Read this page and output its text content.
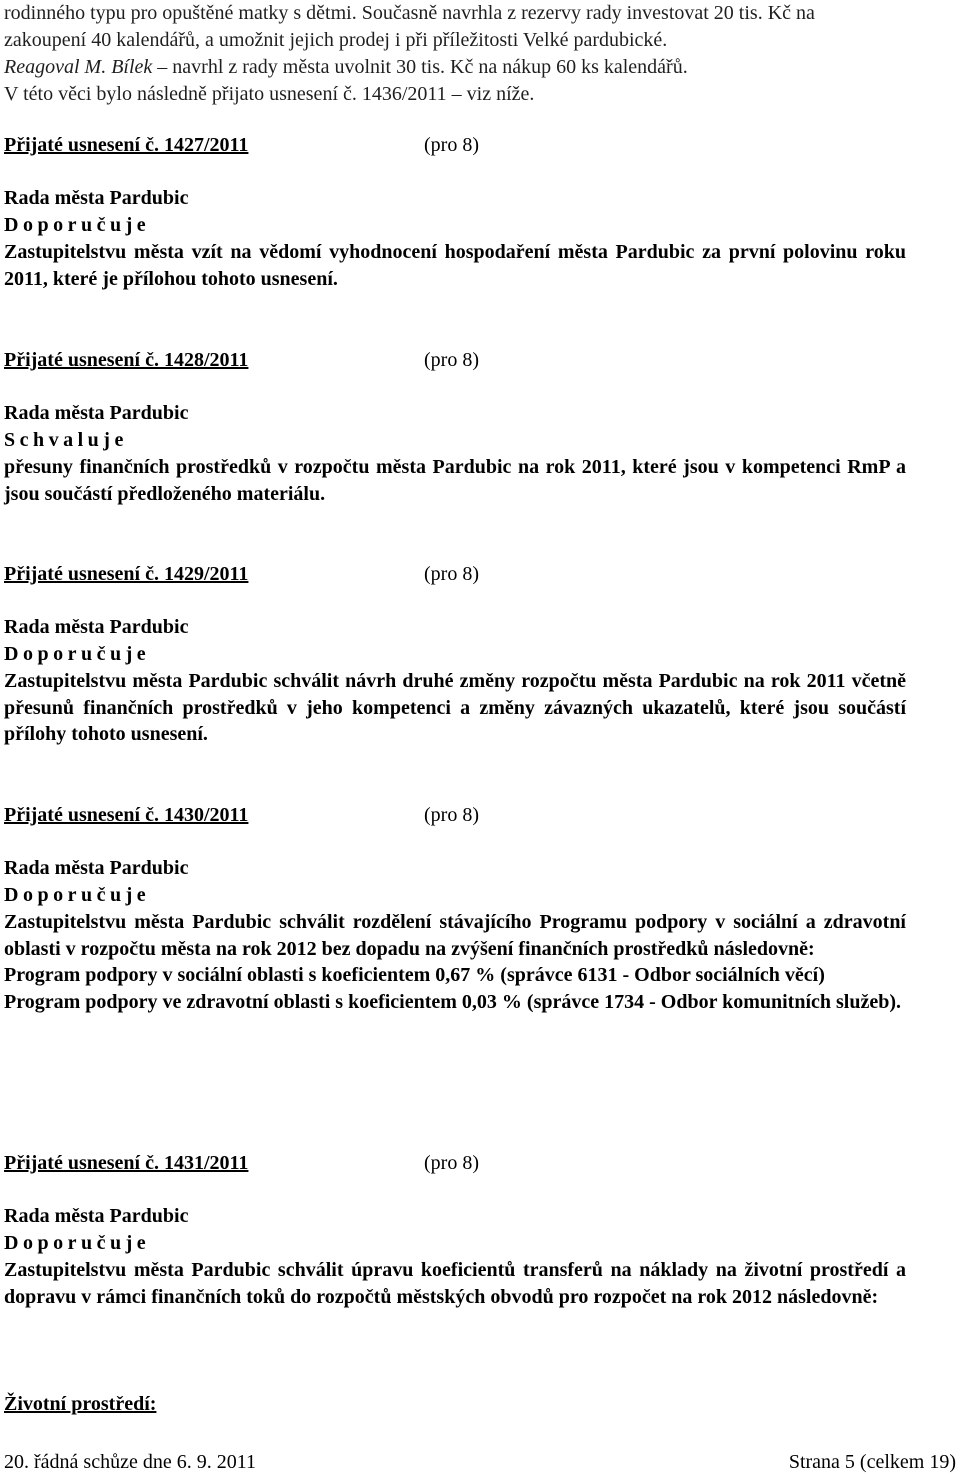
rodinného typu pro opuštěné matky s dětmi. Současně navrhla z rezervy rady investovat 20 tis. Kč na

zakoupení 40 kalendářů, a umožnit jejich prodej i při příležitosti Velké pardubické.

Reagoval M. Bílek – navrhl z rady města uvolnit 30 tis. Kč na nákup 60 ks kalendářů.

V této věci bylo následně přijato usnesení č. 1436/2011 – viz níže.

Přijaté usnesení č. 1427/2011	(pro 8)
Rada města Pardubic
Doporučuje

Zastupitelstvu města vzít na vědomí vyhodnocení hospodaření města Pardubic za první polovinu roku 2011, které je přílohou tohoto usnesení.

Přijaté usnesení č. 1428/2011	(pro 8)
Rada města Pardubic
Schvaluje

přesuny finančních prostředků v rozpočtu města Pardubic na rok 2011, které jsou v kompetenci RmP a jsou součástí předloženého materiálu.

Přijaté usnesení č. 1429/2011	(pro 8)
Rada města Pardubic
Doporučuje

Zastupitelstvu města Pardubic schválit návrh druhé změny rozpočtu města Pardubic na rok 2011 včetně přesunů finančních prostředků v jeho kompetenci a změny závazných ukazatelů, které jsou součástí přílohy tohoto usnesení.

Přijaté usnesení č. 1430/2011	(pro 8)
Rada města Pardubic
Doporučuje

Zastupitelstvu města Pardubic schválit rozdělení stávajícího Programu podpory v sociální a zdravotní oblasti v rozpočtu města na rok 2012 bez dopadu na zvýšení finančních prostředků následovně:

Program podpory v sociální oblasti s koeficientem 0,67 % (správce 6131 - Odbor sociálních věcí)

Program podpory ve zdravotní oblasti s koeficientem 0,03 % (správce 1734 - Odbor komunitních služeb).

Přijaté usnesení č. 1431/2011	(pro 8)
Rada města Pardubic
Doporučuje

Zastupitelstvu města Pardubic schválit úpravu koeficientů transferů na náklady na životní prostředí a dopravu v rámci finančních toků do rozpočtů městských obvodů pro rozpočet na rok 2012 následovně:

Životní prostředí:
20. řádná schůze dne 6. 9. 2011	Strana 5 (celkem 19)
